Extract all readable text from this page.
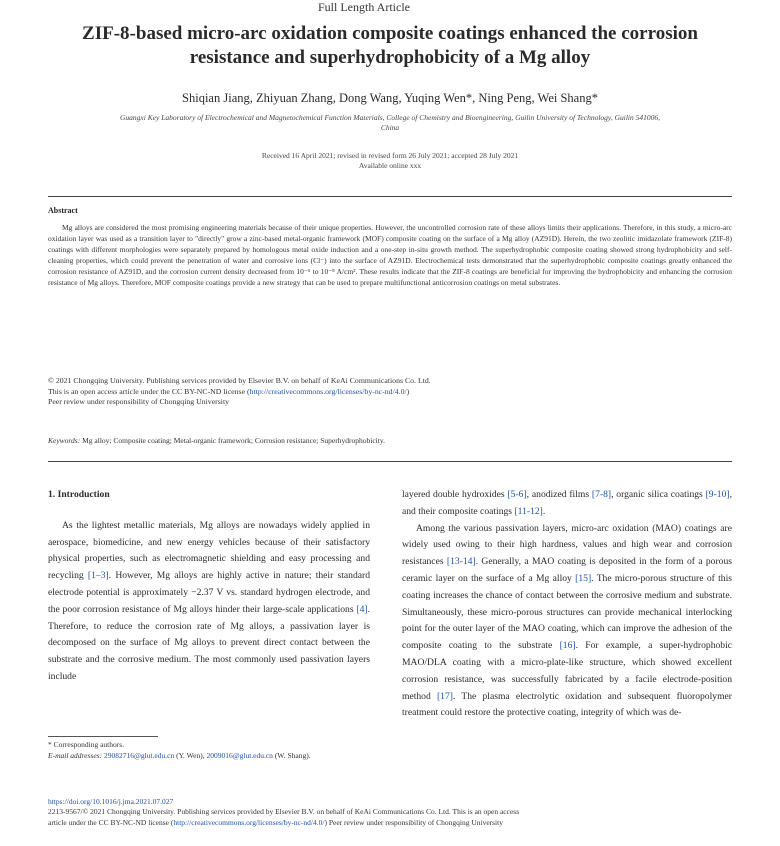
Full Length Article
ZIF-8-based micro-arc oxidation composite coatings enhanced the corrosion resistance and superhydrophobicity of a Mg alloy
Shiqian Jiang, Zhiyuan Zhang, Dong Wang, Yuqing Wen*, Ning Peng, Wei Shang*
Guangxi Key Laboratory of Electrochemical and Magnetochemical Function Materials, College of Chemistry and Bioengineering, Guilin University of Technology, Guilin 541006, China
Received 16 April 2021; revised in revised form 26 July 2021; accepted 28 July 2021
Available online xxx
Abstract

Mg alloys are considered the most promising engineering materials because of their unique properties. However, the uncontrolled corrosion rate of these alloys limits their applications. Therefore, in this study, a micro-arc oxidation layer was used as a transition layer to "directly" grow a zinc-based metal-organic framework (MOF) composite coating on the surface of a Mg alloy (AZ91D). Herein, the two zeolitic imidazolate framework (ZIF-8) coatings with different morphologies were separately prepared by homologous metal oxide induction and a one-step in-situ growth method. The superhydrophobic composite coating showed strong hydrophobicity and self-cleaning properties, which could prevent the penetration of water and corrosive ions (Cl⁻) into the surface of AZ91D. Electrochemical tests demonstrated that the superhydrophobic composite coatings greatly enhanced the corrosion resistance of AZ91D, and the corrosion current density decreased from 10⁻⁵ to 10⁻⁸ A/cm². These results indicate that the ZIF-8 coatings are beneficial for improving the hydrophobicity and enhancing the corrosion resistance of Mg alloys. Therefore, MOF composite coatings provide a new strategy that can be used to prepare multifunctional anticorrosion coatings on metal substrates.

© 2021 Chongqing University. Publishing services provided by Elsevier B.V. on behalf of KeAi Communications Co. Ltd.
This is an open access article under the CC BY-NC-ND license (http://creativecommons.org/licenses/by-nc-nd/4.0/)
Peer review under responsibility of Chongqing University
Keywords: Mg alloy; Composite coating; Metal-organic framework; Corrosion resistance; Superhydrophobicity.

1. Introduction

As the lightest metallic materials, Mg alloys are nowadays widely applied in aerospace, biomedicine, and new energy vehicles because of their satisfactory physical properties, such as electromagnetic shielding and easy processing and recycling [1–3]. However, Mg alloys are highly active in nature; their standard electrode potential is approximately −2.37 V vs. standard hydrogen electrode, and the poor corrosion resistance of Mg alloys hinder their large-scale applications [4]. Therefore, to reduce the corrosion rate of Mg alloys, a passivation layer is decomposed on the surface of Mg alloys to prevent direct contact between the substrate and the corrosive medium. The most commonly used passivation layers include

layered double hydroxides [5-6], anodized films [7-8], organic silica coatings [9-10], and their composite coatings [11-12].

Among the various passivation layers, micro-arc oxidation (MAO) coatings are widely used owing to their high hardness, values and high wear and corrosion resistances [13-14]. Generally, a MAO coating is deposited in the form of a porous ceramic layer on the surface of a Mg alloy [15]. The micro-porous structure of this coating increases the chance of contact between the corrosive medium and substrate. Simultaneously, these micro-porous structures can provide mechanical interlocking point for the outer layer of the MAO coating, which can improve the adhesion of the composite coating to the substrate [16]. For example, a super-hydrophobic MAO/DLA coating with a micro-plate-like structure, which showed excellent corrosion resistance, was successfully fabricated by a facile electrode-position method [17]. The plasma electrolytic oxidation and subsequent fluoropolymer treatment could restore the protective coating, integrity of which was de-

* Corresponding authors.
E-mail addresses: 29082716@glut.edu.cn (Y. Wen), 2009016@glut.edu.cn (W. Shang).
https://doi.org/10.1016/j.jma.2021.07.027
2213-9567/© 2021 Chongqing University. Publishing services provided by Elsevier B.V. on behalf of KeAi Communications Co. Ltd. This is an open access
article under the CC BY-NC-ND license (http://creativecommons.org/licenses/by-nc-nd/4.0/) Peer review under responsibility of Chongqing University
